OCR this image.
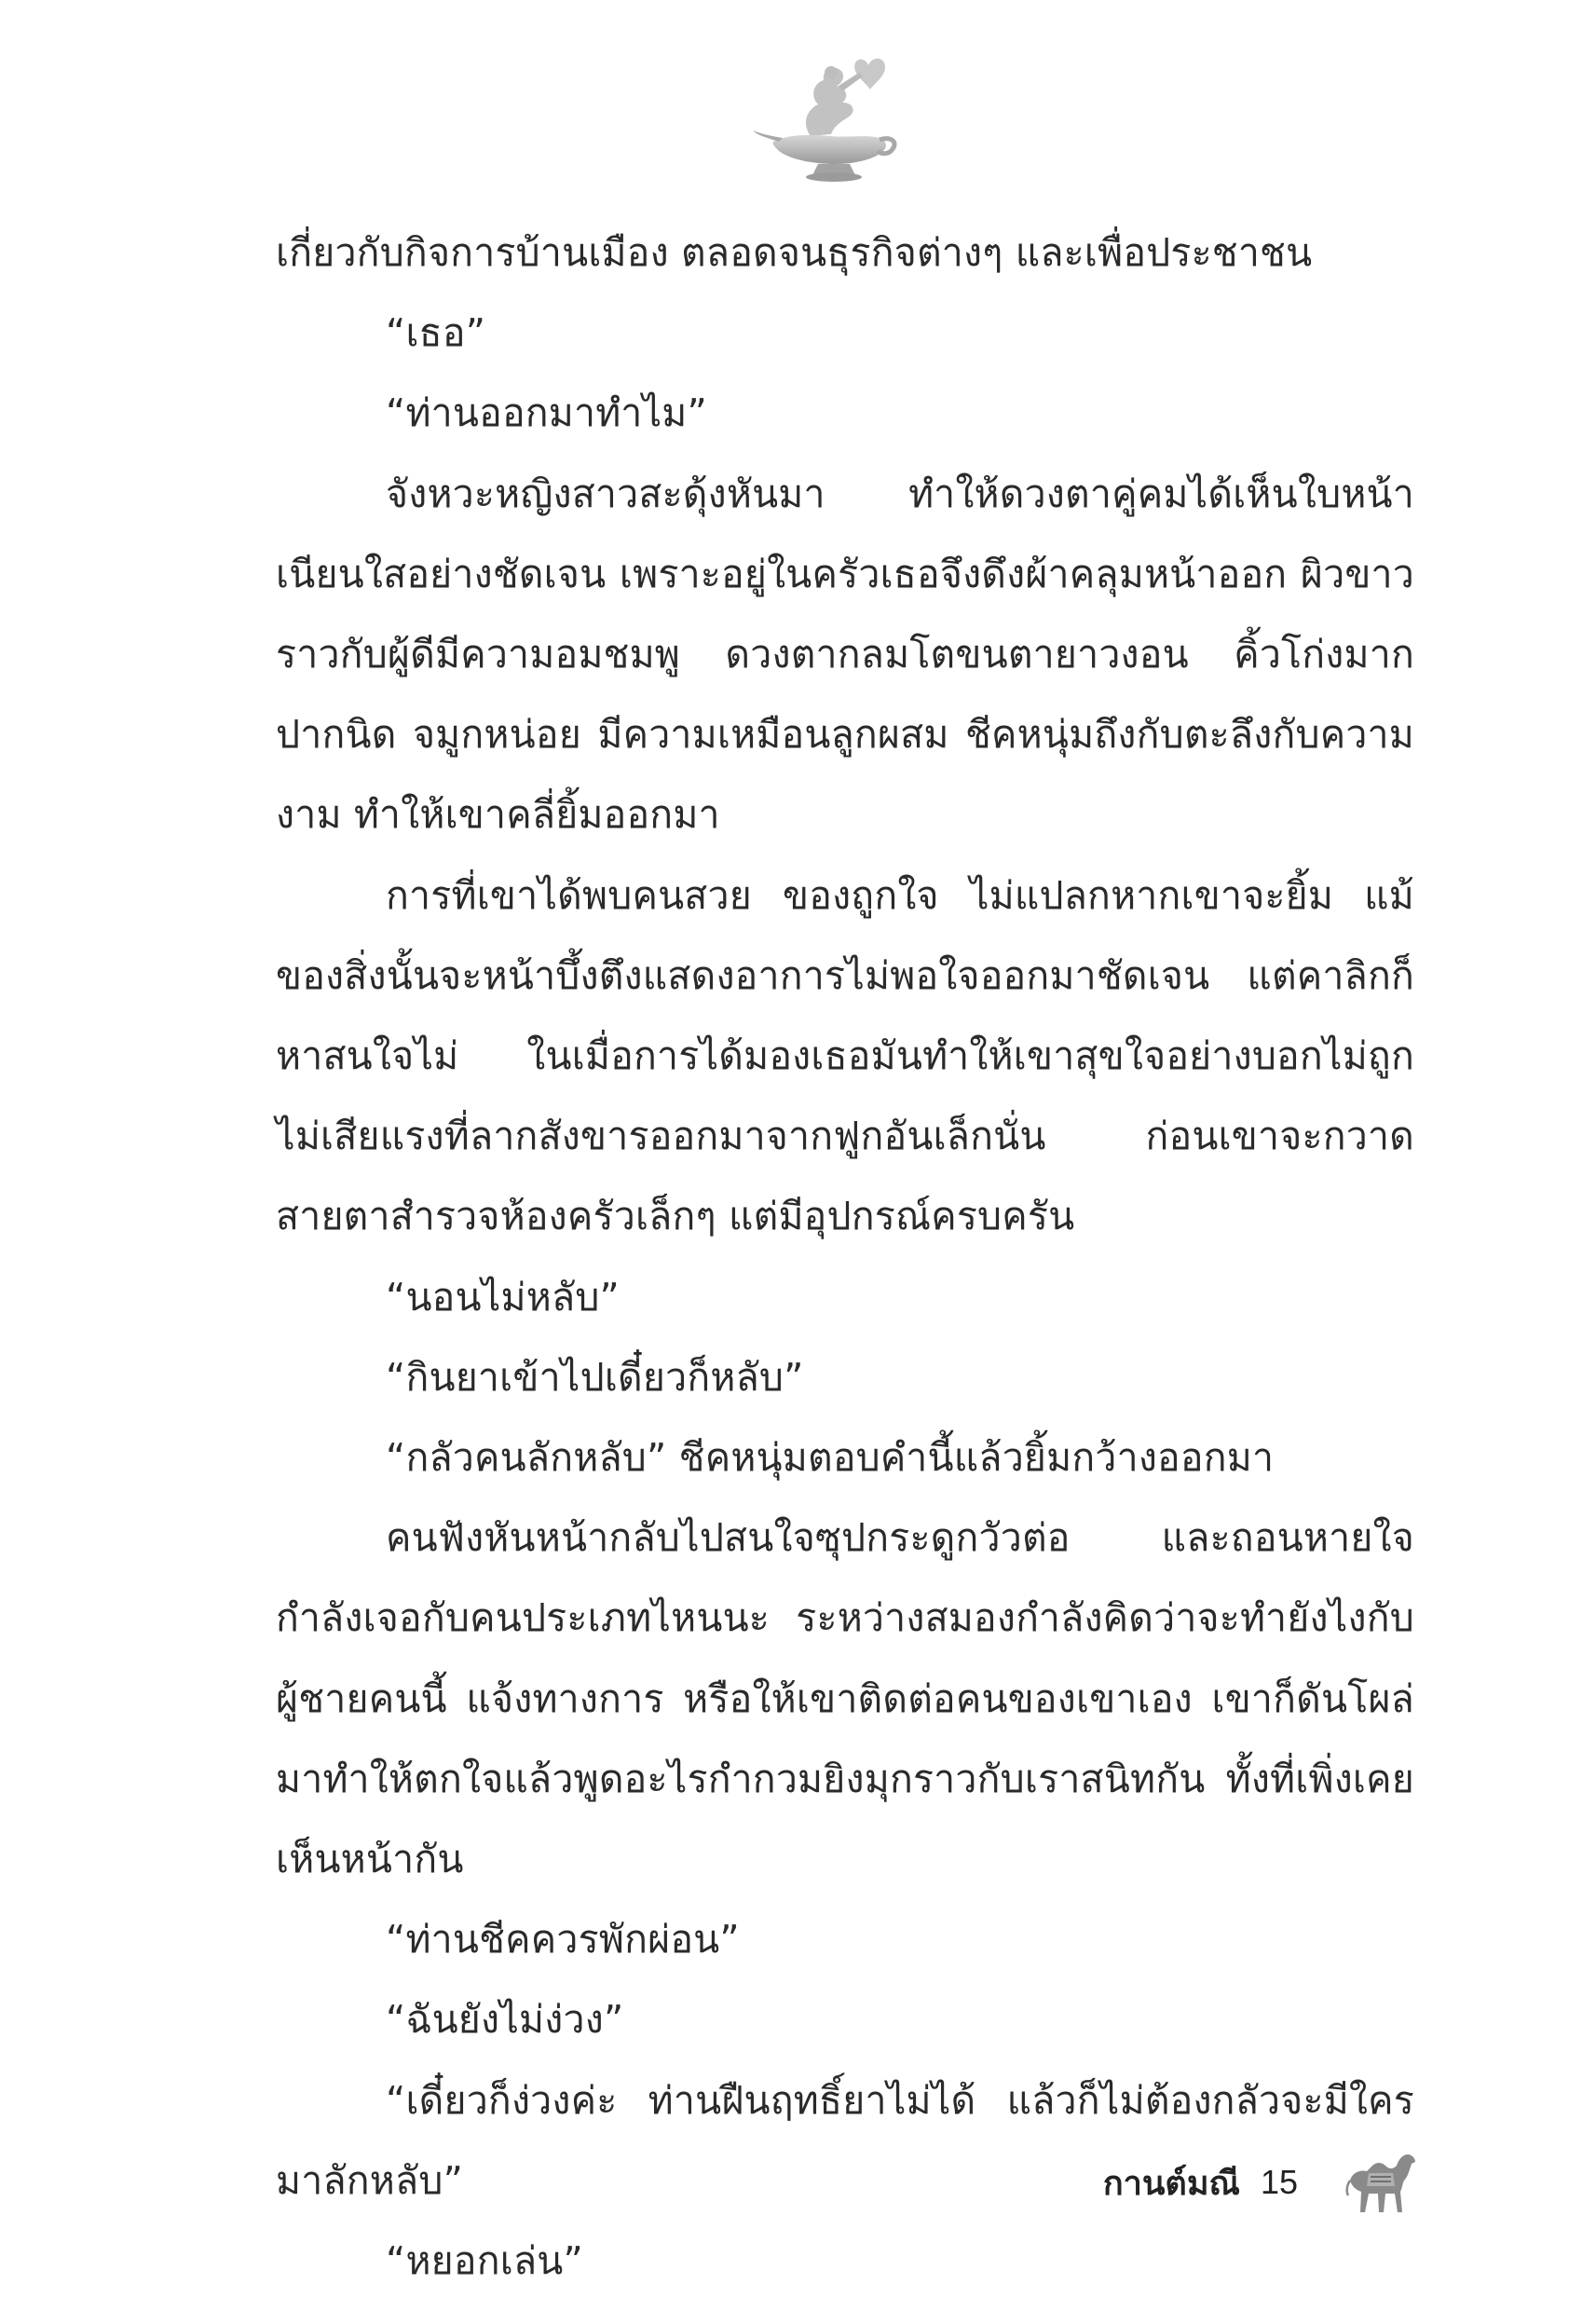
เกี่ยวกับกิจการบ้านเมือง ตลอดจนธุรกิจต่างๆ และเพื่อประชาชน

“เธอ”

“ท่านออกมาทำไม”

จังหวะหญิงสาวสะดุ้งหันมา ทำให้ดวงตาคู่คมได้เห็นใบหน้าเนียนใสอย่างชัดเจน เพราะอยู่ในครัวเธอจึงดึงผ้าคลุมหน้าออก ผิวขาวราวกับผู้ดีมีความอมชมพู ดวงตากลมโตขนตายาวงอน คิ้วโก่งมากปากนิด จมูกหน่อย มีความเหมือนลูกผสม ชีคหนุ่มถึงกับตะลึงกับความงาม ทำให้เขาคลี่ยิ้มออกมา

การที่เขาได้พบคนสวย ของถูกใจ ไม่แปลกหากเขาจะยิ้ม แม้ของสิ่งนั้นจะหน้าบึ้งตึงแสดงอาการไม่พอใจออกมาชัดเจน แต่คาลิกก็หาสนใจไม่ ในเมื่อการได้มองเธอมันทำให้เขาสุขใจอย่างบอกไม่ถูก ไม่เสียแรงที่ลากสังขารออกมาจากฟูกอันเล็กนั่น ก่อนเขาจะกวาดสายตาสำรวจห้องครัวเล็กๆ แต่มีอุปกรณ์ครบครัน

“นอนไม่หลับ”

“กินยาเข้าไปเดี๋ยวก็หลับ”

“กลัวคนลักหลับ” ชีคหนุ่มตอบคำนี้แล้วยิ้มกว้างออกมา

คนฟังหันหน้ากลับไปสนใจซุปกระดูกวัวต่อ และถอนหายใจกำลังเจอกับคนประเภทไหนนะ ระหว่างสมองกำลังคิดว่าจะทำยังไงกับผู้ชายคนนี้ แจ้งทางการ หรือให้เขาติดต่อคนของเขาเอง เขาก็ดันโผล่มาทำให้ตกใจแล้วพูดอะไรกำกวมยิงมุกราวกับเราสนิทกัน ทั้งที่เพิ่งเคยเห็นหน้ากัน

“ท่านชีคควรพักผ่อน”

“ฉันยังไม่ง่วง”

“เดี๋ยวก็ง่วงค่ะ ท่านฝืนฤทธิ์ยาไม่ได้ แล้วก็ไม่ต้องกลัวจะมีใครมาลักหลับ”

“หยอกเล่น”

กานต์มณี 15
